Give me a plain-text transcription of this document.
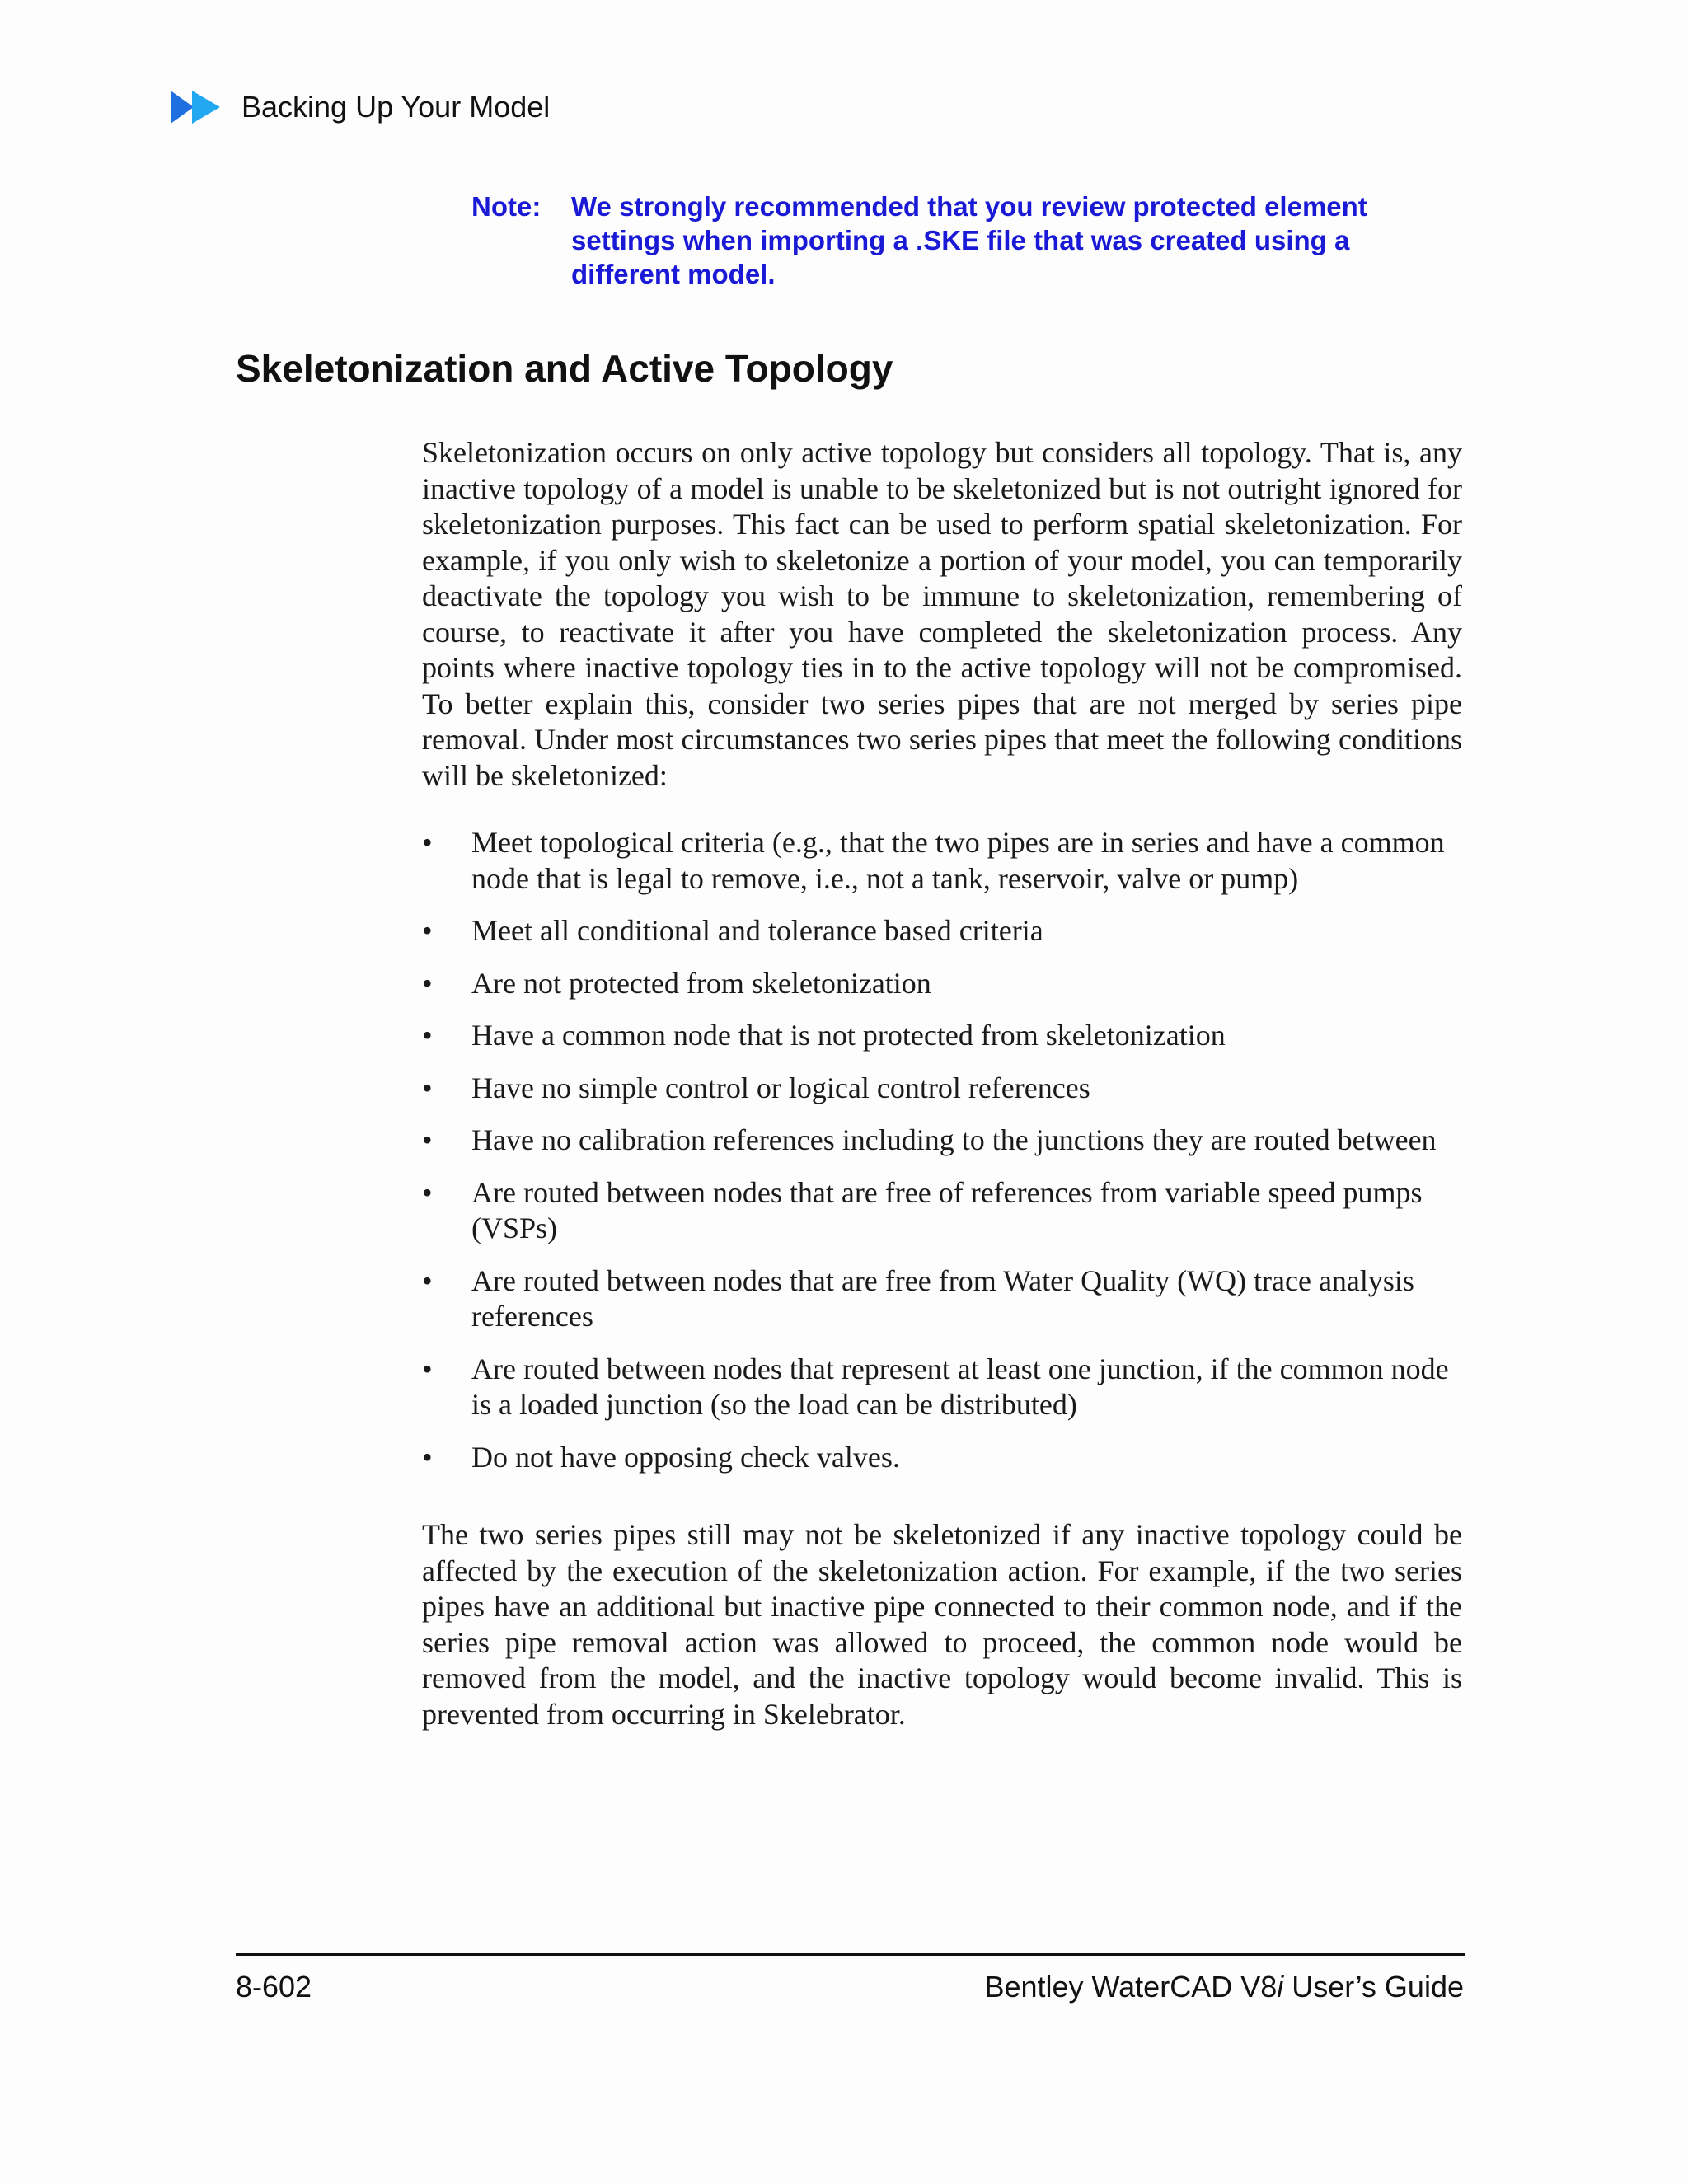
Backing Up Your Model
Note:	We strongly recommended that you review protected element settings when importing a .SKE file that was created using a different model.
Skeletonization and Active Topology

Skeletonization occurs on only active topology but considers all topology. That is, any inactive topology of a model is unable to be skeletonized but is not outright ignored for skeletonization purposes. This fact can be used to perform spatial skeletonization. For example, if you only wish to skeletonize a portion of your model, you can temporarily deactivate the topology you wish to be immune to skeletonization, remembering of course, to reactivate it after you have completed the skeletonization process. Any points where inactive topology ties in to the active topology will not be compromised. To better explain this, consider two series pipes that are not merged by series pipe removal. Under most circumstances two series pipes that meet the following conditions will be skeletonized:

•	Meet topological criteria (e.g., that the two pipes are in series and have a common node that is legal to remove, i.e., not a tank, reservoir, valve or pump)
•	Meet all conditional and tolerance based criteria
•	Are not protected from skeletonization
•	Have a common node that is not protected from skeletonization
•	Have no simple control or logical control references
•	Have no calibration references including to the junctions they are routed between
•	Are routed between nodes that are free of references from variable speed pumps (VSPs)
•	Are routed between nodes that are free from Water Quality (WQ) trace analysis references
•	Are routed between nodes that represent at least one junction, if the common node is a loaded junction (so the load can be distributed)
•	Do not have opposing check valves.

The two series pipes still may not be skeletonized if any inactive topology could be affected by the execution of the skeletonization action. For example, if the two series pipes have an additional but inactive pipe connected to their common node, and if the series pipe removal action was allowed to proceed, the common node would be removed from the model, and the inactive topology would become invalid. This is prevented from occurring in Skelebrator.

8-602	Bentley WaterCAD V8i User’s Guide
